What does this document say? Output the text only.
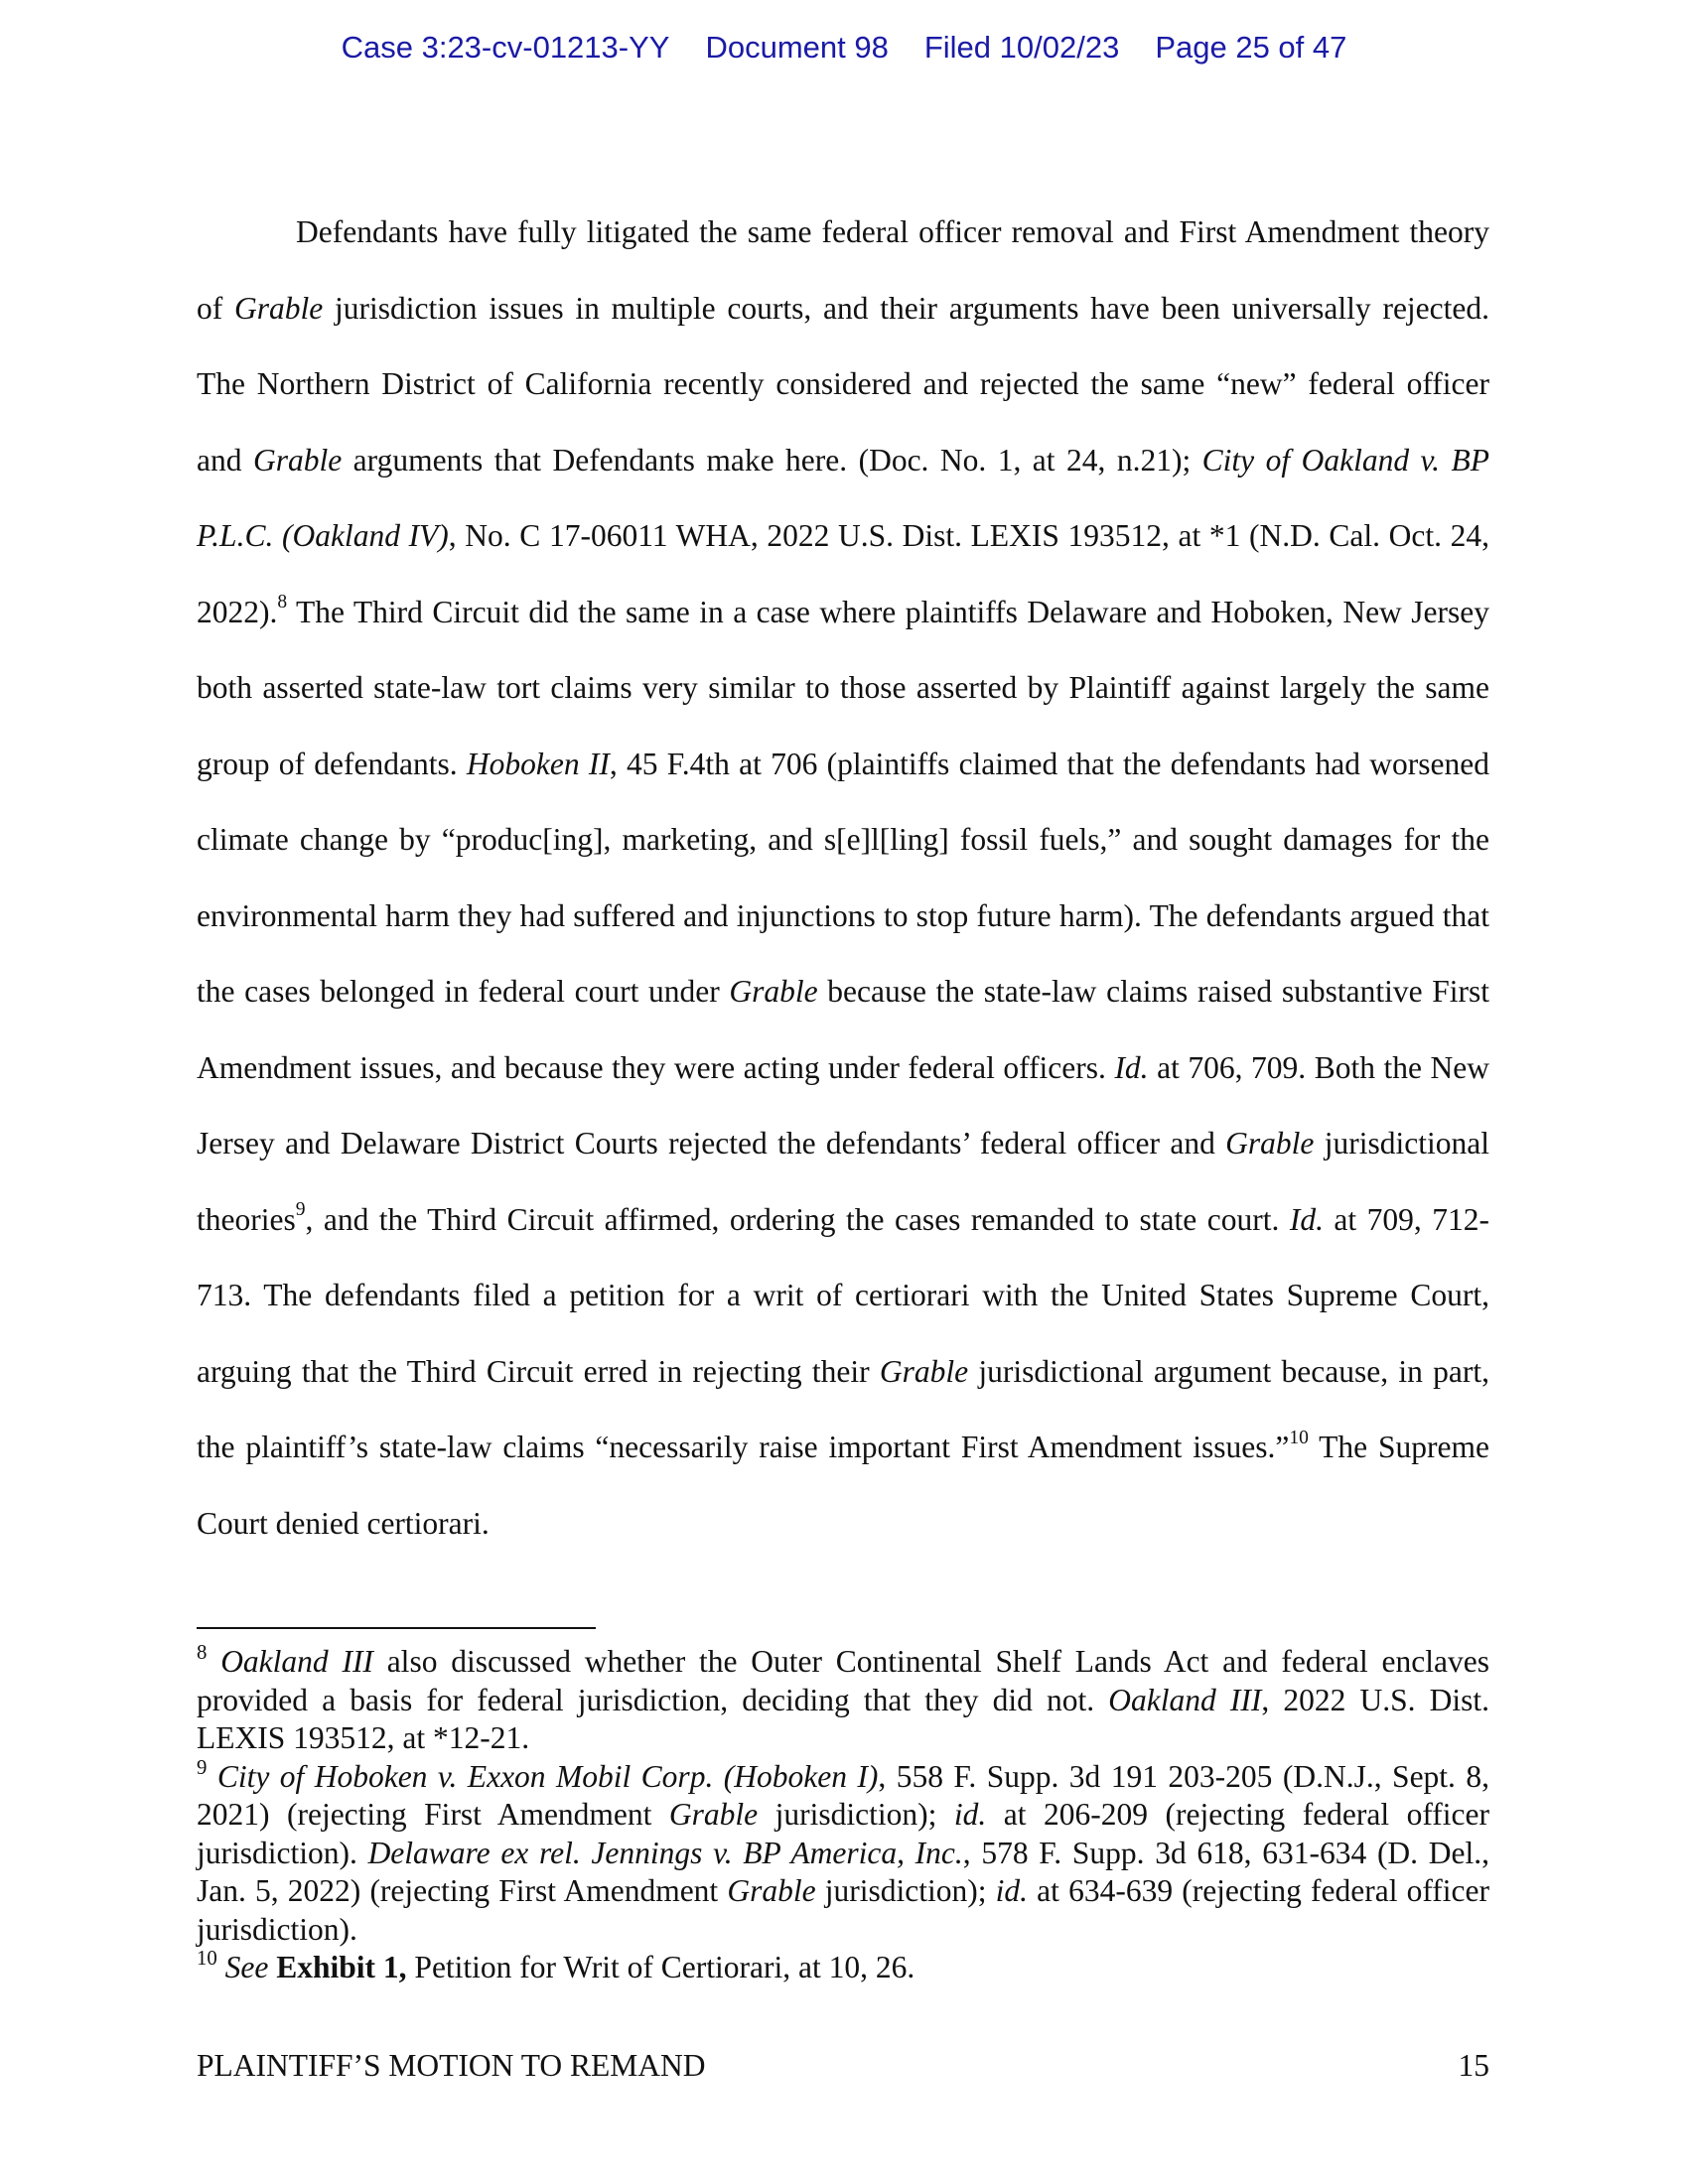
Case 3:23-cv-01213-YY Document 98 Filed 10/02/23 Page 25 of 47

Defendants have fully litigated the same federal officer removal and First Amendment theory of Grable jurisdiction issues in multiple courts, and their arguments have been universally rejected. The Northern District of California recently considered and rejected the same “new” federal officer and Grable arguments that Defendants make here. (Doc. No. 1, at 24, n.21); City of Oakland v. BP P.L.C. (Oakland IV), No. C 17-06011 WHA, 2022 U.S. Dist. LEXIS 193512, at *1 (N.D. Cal. Oct. 24, 2022).$^8$ The Third Circuit did the same in a case where plaintiffs Delaware and Hoboken, New Jersey both asserted state-law tort claims very similar to those asserted by Plaintiff against largely the same group of defendants. Hoboken II, 45 F.4th at 706 (plaintiffs claimed that the defendants had worsened climate change by “produc[ing], marketing, and s[e]l[ling] fossil fuels,” and sought damages for the environmental harm they had suffered and injunctions to stop future harm). The defendants argued that the cases belonged in federal court under Grable because the state-law claims raised substantive First Amendment issues, and because they were acting under federal officers. Id. at 706, 709. Both the New Jersey and Delaware District Courts rejected the defendants’ federal officer and Grable jurisdictional theories$^9$, and the Third Circuit affirmed, ordering the cases remanded to state court. Id. at 709, 712-713. The defendants filed a petition for a writ of certiorari with the United States Supreme Court, arguing that the Third Circuit erred in rejecting their Grable jurisdictional argument because, in part, the plaintiff’s state-law claims “necessarily raise important First Amendment issues.”$^{10}$ The Supreme Court denied certiorari.

$^8$ Oakland III also discussed whether the Outer Continental Shelf Lands Act and federal enclaves provided a basis for federal jurisdiction, deciding that they did not. Oakland III, 2022 U.S. Dist. LEXIS 193512, at *12-21.

$^9$ City of Hoboken v. Exxon Mobil Corp. (Hoboken I), 558 F. Supp. 3d 191 203-205 (D.N.J., Sept. 8, 2021) (rejecting First Amendment Grable jurisdiction); id. at 206-209 (rejecting federal officer jurisdiction). Delaware ex rel. Jennings v. BP America, Inc., 578 F. Supp. 3d 618, 631-634 (D. Del., Jan. 5, 2022) (rejecting First Amendment Grable jurisdiction); id. at 634-639 (rejecting federal officer jurisdiction).

$^{10}$ See Exhibit 1, Petition for Writ of Certiorari, at 10, 26.

PLAINTIFF’S MOTION TO REMAND	15
